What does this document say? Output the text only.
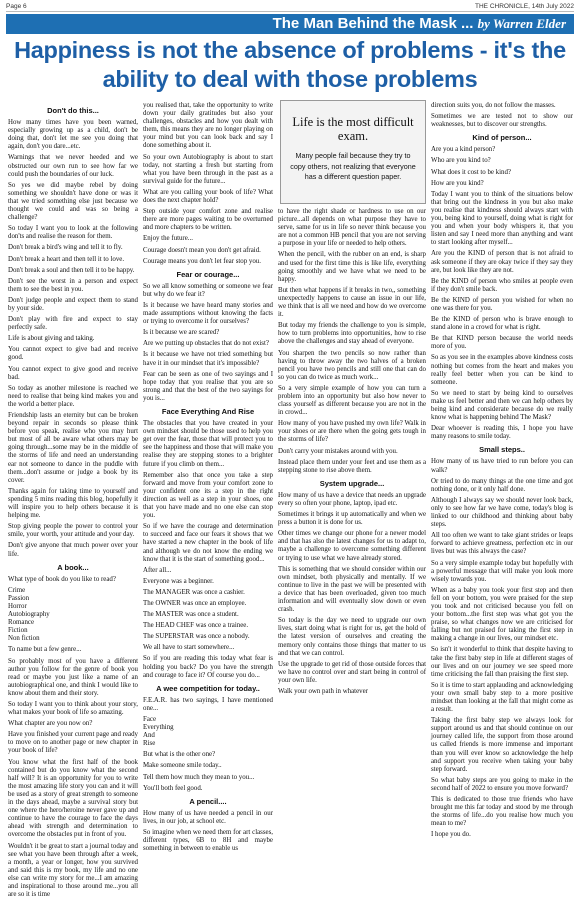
Page 6	THE CHRONICLE, 14th July 2022
The Man Behind the Mask ... by Warren Elder
Happiness is not the absence of problems - it's the ability to deal with those problems
Life is the most difficult exam.
Many people fail because they try to copy others, not realizing that everyone has a different question paper.
Don't do this...

How many times have you been warned, especially growing up as a child, don't be doing that, don't let me see you doing that again, don't you dare...etc.

Warnings that we never heeded and we obstructed our own run to see how far we could push the boundaries of our luck.

So yes we did maybe rebel by doing something we shouldn't have done or was it that we tried something else just because we thought we could and was so being a challenge?

So today I want you to look at the following don'ts and realise the reason for them.

Don't break a bird's wing and tell it to fly.

Don't break a heart and then tell it to love.

Don't break a soul and then tell it to be happy.

Don't see the worst in a person and expect them to see the best in you.

Don't judge people and expect them to stand by your side.

Don't play with fire and expect to stay perfectly safe.

Life is about giving and taking.

You cannot expect to give bad and receive good.

You cannot expect to give good and receive bad.

So today as another milestone is reached we need to realise that being kind makes you and the world a better place.

Friendship lasts an eternity but can be broken beyond repair in seconds so please think before you speak, realise who you may hurt but most of all be aware what others may be going through...some may be in the middle of the storms of life and need an understanding ear not someone to dance in the puddle with them...don't assume or judge a book by its cover.

Thanks again for taking time to yourself and spending 5 mins reading this blog, hopefully it will inspire you to help others because it is helping me.

Stop giving people the power to control your smile, your worth, your attitude and your day.

Don't give anyone that much power over your life.

A book...

What type of book do you like to read?

Crime
Passion
Horror
Autobiography
Romance
Fiction
Non fiction

To name but a few genre...

So probably most of you have a different author you follow for the genre of book you read or maybe you just like a name of an autobiographical one, and think I would like to know about them and their story.

So today I want you to think about your story, what makes your book of life so amazing.

What chapter are you now on?

Have you finished your current page and ready to move on to another page or new chapter in your book of life?

You know what the first half of the book contained but do you know what the second half will? It is an opportunity for you to write the most amazing life story you can and it will be used as a story of great strength to someone in the days ahead, maybe a survival story but one where the hero/heroine never gave up and continue to have the courage to face the days ahead with strength and determination to overcome the obstacles put in front of you.

Wouldn't it be great to start a journal today and see what you have been through after a week, a month, a year or longer, how you survived and said this is my book, my life and no one else can write my story for me...I am amazing and inspirational to those around me...you all are so it is time

you realised that, take the opportunity to write down your daily gratitudes but also your challenges, obstacles and how you dealt with them, this means they are no longer playing on your mind but you can look back and say I done something about it.

So your own Autobiography is about to start today, not starting a fresh but starting from what you have been through in the past as a survival guide for the future...

What are you calling your book of life? What does the next chapter hold?

Step outside your comfort zone and realise there are more pages waiting to be overturned and more chapters to be written.

Enjoy the future...

Courage doesn't mean you don't get afraid.

Courage means you don't let fear stop you.

Fear or courage...

So we all know something or someone we fear but why do we fear it?

Is it because we have heard many stories and made assumptions without knowing the facts or trying to overcome it for ourselves?

Is it because we are scared?

Are we putting up obstacles that do not exist?

Is it because we have not tried something but have it in our mindset that it's impossible?

Fear can be seen as one of two sayings and I hope today that you realise that you are so strong and that the best of the two sayings for you is...

Face Everything And Rise

The obstacles that you have created in your own mindset should be those used to help you get over the fear, those that will protect you to see the happiness and those that will make you realise they are stepping stones to a brighter future if you climb on them...

Remember also that once you take a step forward and move from your comfort zone to your confident one its a step in the right direction as well as a step in your shoes, one that you have made and no one else can stop you.

So if we have the courage and determination to succeed and face our fears it shows that we have started a new chapter in the book of life and although we do not know the ending we know that it is the start of something good...

After all...

Everyone was a beginner.

The MANAGER was once a cashier.

The OWNER was once an employee.

The MASTER was once a student.

The HEAD CHEF was once a trainee.

The SUPERSTAR was once a nobody.

We all have to start somewhere...

So if you are reading this today what fear is holding you back? Do you have the strength and courage to face it? Of course you do...

A wee competition for today..

F.E.A.R. has two sayings, I have mentioned one...

Face
Everything
And
Rise

But what is the other one?

Make someone smile today..

Tell them how much they mean to you...

You'll both feel good.

A pencil....

How many of us have needed a pencil in our lives, in our job, at school etc.

So imagine when we need them for art classes, different types, 6B to 8H and maybe something in between to enable us

to have the right shade or hardness to use on our picture...all depends on what purpose they have to serve, same for us in life so never think because you are not a common HB pencil that you are not serving a purpose in your life or needed to help others.

When the pencil, with the rubber on an end, is sharp and used for the first time this is like life, everything going smoothly and we have what we need to be happy.

But then what happens if it breaks in two,, something unexpectedly happens to cause an issue in our life, we think that is all we need and how do we overcome it.

But today my friends the challenge to you is simple, how to turn problems into opportunities, how to rise above the challenges and stay ahead of everyone.

You sharpen the two pencils so now rather than having to throw away the two halves of a broken pencil you have two pencils and still one that can do so you can do twice as much work...

So a very simple example of how you can turn a problem into an opportunity but also how never to class yourself as different because you are not in the in crowd...

How many of you have pushed my own life? Walk in your shoes or are there when the going gets tough in the storms of life?

Don't carry your mistakes around with you.

Instead place them under your feet and use them as a stepping stone to rise above them.

System upgrade...

How many of us have a device that needs an upgrade every so often your phone, laptop, ipad etc.

Sometimes it brings it up automatically and when we press a button it is done for us.

Other times we change our phone for a newer model and that has also the latest changes for us to adapt to, maybe a challenge to overcome something different or trying to use what we have already stored.

This is something that we should consider within our own mindset, both physically and mentally. If we continue to live in the past we will be presented with a device that has been overloaded, given too much information and will eventually slow down or even crash.

So today is the day we need to upgrade our own lives, start doing what is right for us, get the hold of the latest version of ourselves and creating the memory only contains those things that matter to us and that we can control.

Use the upgrade to get rid of those outside forces that we have no control over and start being in control of your own life.

Walk your own path in whatever

direction suits you, do not follow the masses.

Sometimes we are tested not to show our weaknesses, but to discover our strengths.

Kind of person...

Are you a kind person?

Who are you kind to?

What does it cost to be kind?

How are you kind?

Today I want you to think of the situations below that bring out the kindness in you but also make you realise that kindness should always start with you, being kind to yourself, doing what is right for you and when your body whispers it, that you listen and say I need more than anything and want to start looking after myself...

Are you the KIND of person that is not afraid to ask someone if they are okay twice if they say they are, but look like they are not.

Be the KIND of person who smiles at people even if they don't smile back.

Be the KIND of person you wished for when no one was there for you.

Be the KIND of person who is brave enough to stand alone in a crowd for what is right.

Be that KIND person because the world needs more of you.

So as you see in the examples above kindness costs nothing but comes from the heart and makes you really feel better when you can be kind to someone.

So we need to start by being kind to ourselves make us feel better and then we can help others by being kind and considerate because do we really know what is happening behind The Mask?

Dear whoever is reading this, I hope you have many reasons to smile today.

Small steps..

How many of us have tried to run before you can walk?

Or tried to do many things at the one time and got nothing done, or it only half done.

Although I always say we should never look back, only to see how far we have come, today's blog is linked to our childhood and thinking about baby steps.

All too often we want to take giant strides or leaps forward to achieve greatness, perfection etc in our lives but was this always the case?

So a very simple example today but hopefully with a powerful message that will make you look more wisely towards you.

When as a baby you took your first step and then fell on your bottom, you were praised for the step you took and not criticised because you fell on your bottom...the first step was what got you the praise, so what changes now we are criticised for falling but not praised for taking the first step in making a change in our lives, our mindset etc.

So isn't it wonderful to think that despite having to take the first baby step in life at different stages of our lives and on our journey we see speed more time criticising the fall than praising the first step.

So it is time to start applauding and acknowledging your own small baby step to a more positive mindset than looking at the fall that might come as a result.

Taking the first baby step we always look for support around us and that should continue on our journey called life, the support from those around us called friends is more immense and important than you will ever know so acknowledge the help and support you receive when taking your baby step forward.

So what baby steps are you going to make in the second half of 2022 to ensure you move forward?

This is dedicated to those true friends who have brought me this far today and stood by me through the storms of life...do you realise how much you mean to me?

I hope you do.
